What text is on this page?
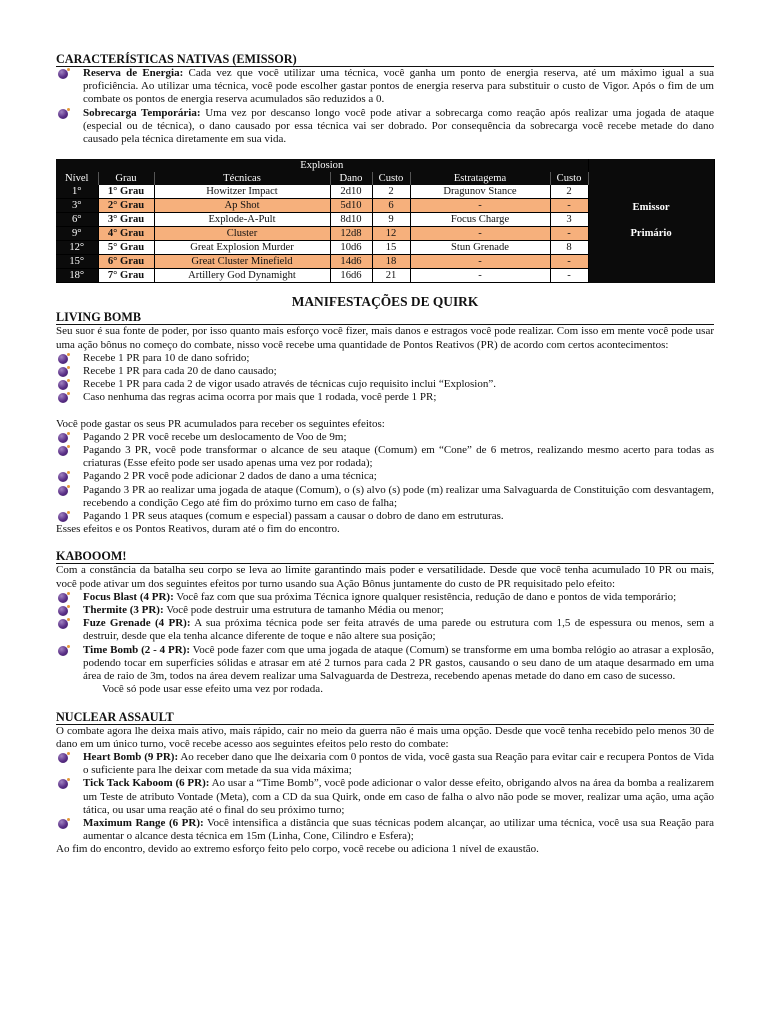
CARACTERÍSTICAS NATIVAS (EMISSOR)
Reserva de Energia: Cada vez que você utilizar uma técnica, você ganha um ponto de energia reserva, até um máximo igual a sua proficiência. Ao utilizar uma técnica, você pode escolher gastar pontos de energia reserva para substituir o custo de Vigor. Após o fim de um combate os pontos de energia reserva acumulados são reduzidos a 0.
Sobrecarga Temporária: Uma vez por descanso longo você pode ativar a sobrecarga como reação após realizar uma jogada de ataque (especial ou de técnica), o dano causado por essa técnica vai ser dobrado. Por consequência da sobrecarga você recebe metade do dano causado pela técnica diretamente em sua vida.
Explosion							Emissor
Primário

Nível	Grau	Técnicas	Dano	Custo	Estratagema	Custo	
1°	1° Grau	Howitzer Impact	2d10	2	Dragunov Stance	2	
3°	2° Grau	Ap Shot	5d10	6	-	-	
6°	3° Grau	Explode-A-Pult	8d10	9	Focus Charge	3	
9°	4° Grau	Cluster	12d8	12	-	-	
12°	5° Grau	Great Explosion Murder	10d6	15	Stun Grenade	8	
15°	6° Grau	Great Cluster Minefield	14d6	18	-	-	
18°	7° Grau	Artillery God Dynamight	16d6	21	-	-	
MANIFESTAÇÕES DE QUIRK
LIVING BOMB

Seu suor é sua fonte de poder, por isso quanto mais esforço você fizer, mais danos e estragos você pode realizar. Com isso em mente você pode usar uma ação bônus no começo do combate, nisso você recebe uma quantidade de Pontos Reativos (PR) de acordo com certos acontecimentos:

Recebe 1 PR para 10 de dano sofrido;
Recebe 1 PR para cada 20 de dano causado;
Recebe 1 PR para cada 2 de vigor usado através de técnicas cujo requisito inclui “Explosion”.
Caso nenhuma das regras acima ocorra por mais que 1 rodada, você perde 1 PR;

Você pode gastar os seus PR acumulados para receber os seguintes efeitos:

Pagando 2 PR você recebe um deslocamento de Voo de 9m;
Pagando 3 PR, você pode transformar o alcance de seu ataque (Comum) em “Cone” de 6 metros, realizando mesmo acerto para todas as criaturas (Esse efeito pode ser usado apenas uma vez por rodada);
Pagando 2 PR você pode adicionar 2 dados de dano a uma técnica;
Pagando 3 PR ao realizar uma jogada de ataque (Comum), o (s) alvo (s) pode (m) realizar uma Salvaguarda de Constituição com desvantagem, recebendo a condição Cego até fim do próximo turno em caso de falha;
Pagando 1 PR seus ataques (comum e especial) passam a causar o dobro de dano em estruturas.

Esses efeitos e os Pontos Reativos, duram até o fim do encontro.

KABOOOM!

Com a constância da batalha seu corpo se leva ao limite garantindo mais poder e versatilidade. Desde que você tenha acumulado 10 PR ou mais, você pode ativar um dos seguintes efeitos por turno usando sua Ação Bônus juntamente do custo de PR requisitado pelo efeito:

Focus Blast (4 PR): Você faz com que sua próxima Técnica ignore qualquer resistência, redução de dano e pontos de vida temporário;
Thermite (3 PR): Você pode destruir uma estrutura de tamanho Média ou menor;
Fuze Grenade (4 PR): A sua próxima técnica pode ser feita através de uma parede ou estrutura com 1,5 de espessura ou menos, sem a destruir, desde que ela tenha alcance diferente de toque e não altere sua posição;
Time Bomb (2 - 4 PR): Você pode fazer com que uma jogada de ataque (Comum) se transforme em uma bomba relógio ao atrasar a explosão, podendo tocar em superfícies sólidas e atrasar em até 2 turnos para cada 2 PR gastos, causando o seu dano de um ataque desarmado em uma área de raio de 3m, todos na área devem realizar uma Salvaguarda de Destreza, recebendo apenas metade do dano em caso de sucesso.

Você só pode usar esse efeito uma vez por rodada.

NUCLEAR ASSAULT

O combate agora lhe deixa mais ativo, mais rápido, cair no meio da guerra não é mais uma opção. Desde que você tenha recebido pelo menos 30 de dano em um único turno, você recebe acesso aos seguintes efeitos pelo resto do combate:

Heart Bomb (9 PR): Ao receber dano que lhe deixaria com 0 pontos de vida, você gasta sua Reação para evitar cair e recupera Pontos de Vida o suficiente para lhe deixar com metade da sua vida máxima;
Tick Tack Kaboom (6 PR): Ao usar a “Time Bomb”, você pode adicionar o valor desse efeito, obrigando alvos na área da bomba a realizarem um Teste de atributo Vontade (Meta), com a CD da sua Quirk, onde em caso de falha o alvo não pode se mover, realizar uma ação, uma ação tática, ou usar uma reação até o final do seu próximo turno;
Maximum Range (6 PR): Você intensifica a distância que suas técnicas podem alcançar, ao utilizar uma técnica, você usa sua Reação para aumentar o alcance desta técnica em 15m (Linha, Cone, Cilindro e Esfera);

Ao fim do encontro, devido ao extremo esforço feito pelo corpo, você recebe ou adiciona 1 nível de exaustão.
